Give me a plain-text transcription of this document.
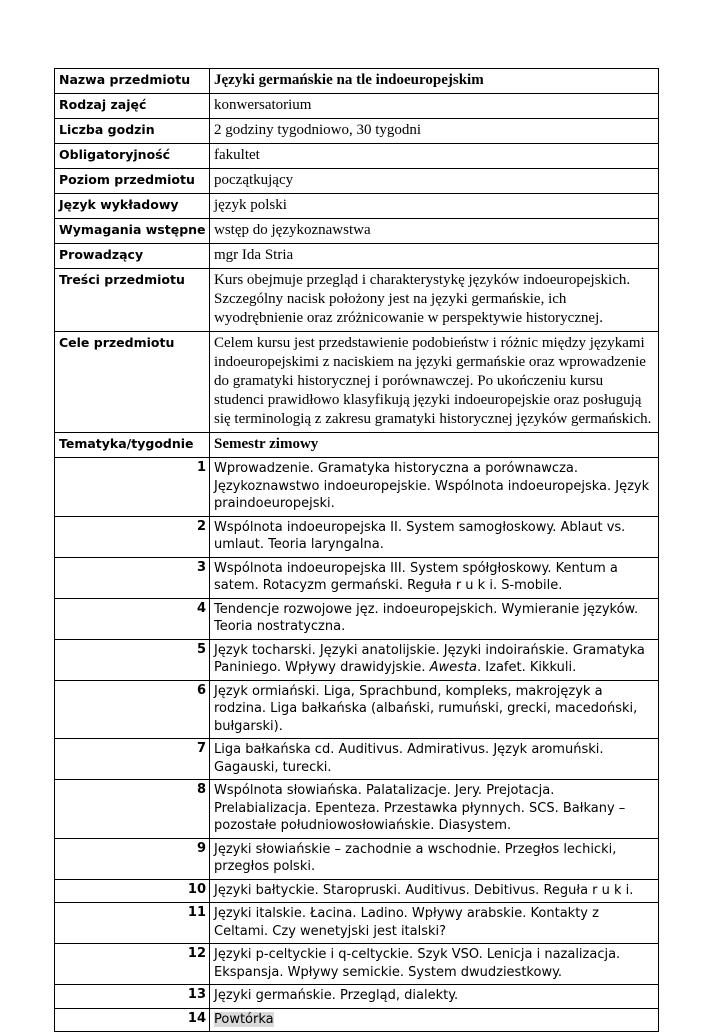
Nazwa przedmiotu	Języki germańskie na tle indoeuropejskim
Rodzaj zajęć	konwersatorium
Liczba godzin	2 godziny tygodniowo, 30 tygodni
Obligatoryjność	fakultet
Poziom przedmiotu	początkujący
Język wykładowy	język polski
Wymagania wstępne	wstęp do językoznawstwa
Prowadzący	mgr Ida Stria
Treści przedmiotu	Kurs obejmuje przegląd i charakterystykę języków indoeuropejskich. Szczególny nacisk położony jest na języki germańskie, ich wyodrębnienie oraz zróżnicowanie w perspektywie historycznej.
Cele przedmiotu	Celem kursu jest przedstawienie podobieństw i różnic między językami indoeuropejskimi z naciskiem na języki germańskie oraz wprowadzenie do gramatyki historycznej i porównawczej. Po ukończeniu kursu studenci prawidłowo klasyfikują języki indoeuropejskie oraz posługują się terminologią z zakresu gramatyki historycznej języków germańskich.
Tematyka/tygodnie	Semestr zimowy
1	Wprowadzenie. Gramatyka historyczna a porównawcza. Językoznawstwo indoeuropejskie. Wspólnota indoeuropejska. Język praindoeuropejski.
2	Wspólnota indoeuropejska II. System samogłoskowy. Ablaut vs. umlaut. Teoria laryngalna.
3	Wspólnota indoeuropejska III. System spółgłoskowy. Kentum a satem. Rotacyzm germański. Reguła r u k i. S-mobile.
4	Tendencje rozwojowe jęz. indoeuropejskich. Wymieranie języków. Teoria nostratyczna.
5	Język tocharski. Języki anatolijskie. Języki indoirańskie. Gramatyka Paniniego. Wpływy drawidyjskie. Awesta. Izafet. Kikkuli.
6	Język ormiański. Liga, Sprachbund, kompleks, makrojęzyk a rodzina. Liga bałkańska (albański, rumuński, grecki, macedoński, bułgarski).
7	Liga bałkańska cd. Auditivus. Admirativus. Język aromuński. Gagauski, turecki.
8	Wspólnota słowiańska. Palatalizacje. Jery. Prejotacja. Prelabializacja. Epenteza. Przestawka płynnych. SCS. Bałkany – pozostałe południowosłowiańskie. Diasystem.
9	Języki słowiańskie – zachodnie a wschodnie. Przegłos lechicki, przegłos polski.
10	Języki bałtyckie. Staropruski. Auditivus. Debitivus. Reguła r u k i.
11	Języki italskie. Łacina. Ladino. Wpływy arabskie. Kontakty z Celtami. Czy wenetyjski jest italski?
12	Języki p-celtyckie i q-celtyckie. Szyk VSO. Lenicja i nazalizacja. Ekspansja. Wpływy semickie. System dwudziestkowy.
13	Języki germańskie. Przegląd, dialekty.
14	Powtórka
